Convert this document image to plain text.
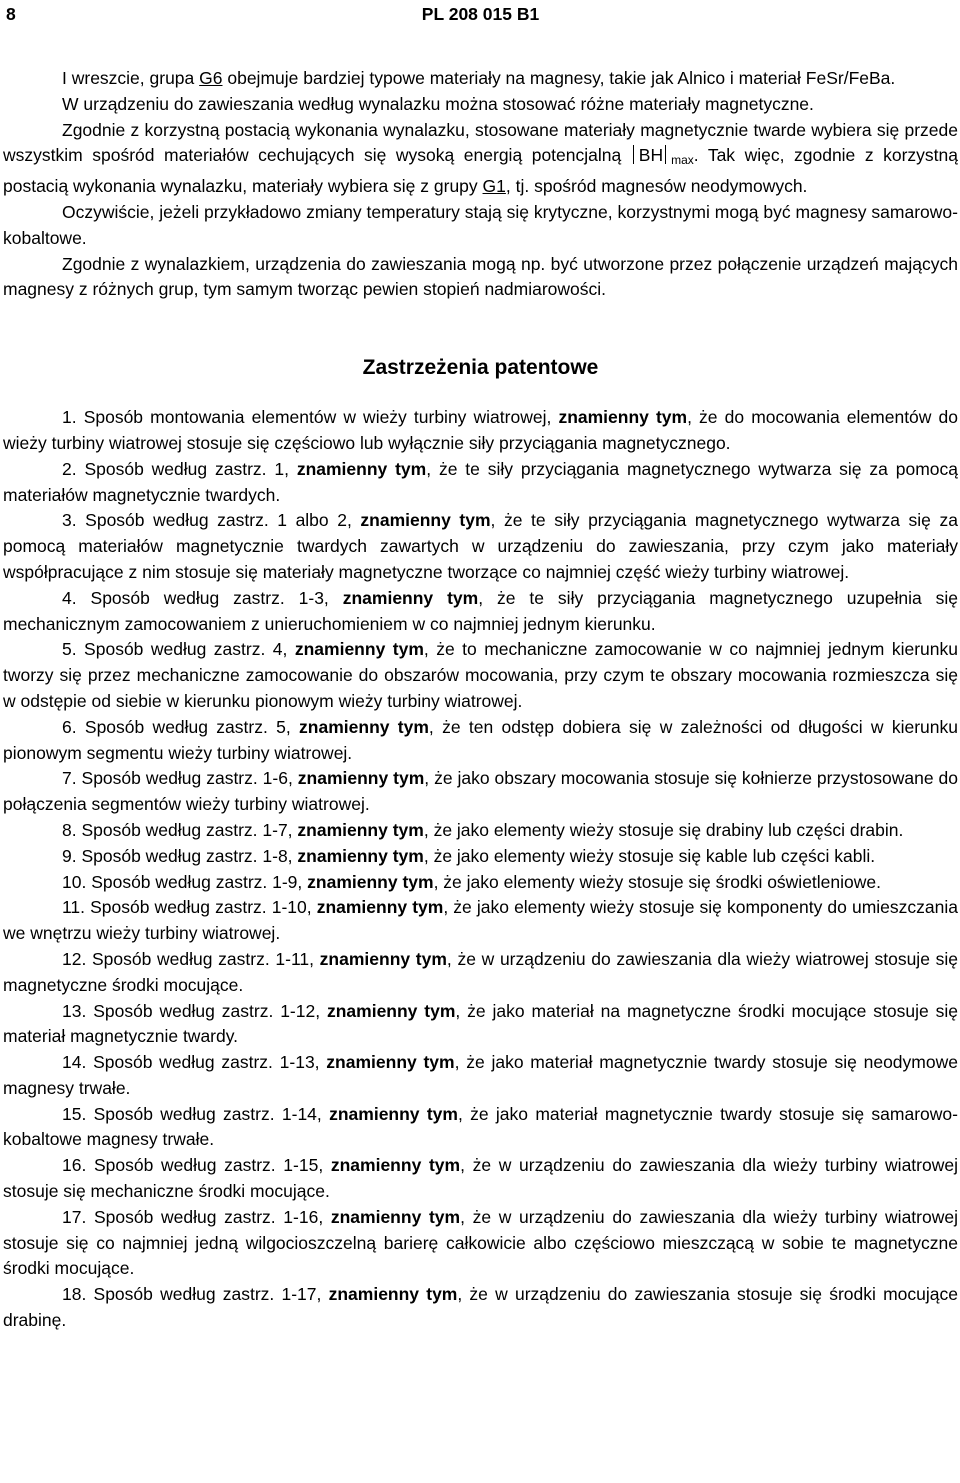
8	PL 208 015 B1

I wreszcie, grupa G6 obejmuje bardziej typowe materiały na magnesy, takie jak Alnico i materiał FeSr/FeBa.

W urządzeniu do zawieszania według wynalazku można stosować różne materiały magnetyczne.

Zgodnie z korzystną postacią wykonania wynalazku, stosowane materiały magnetycznie twarde wybiera się przede wszystkim spośród materiałów cechujących się wysoką energią potencjalną BH $_{max}$. Tak więc, zgodnie z korzystną postacią wykonania wynalazku, materiały wybiera się z grupy G1, tj. spośród magnesów neodymowych.

Oczywiście, jeżeli przykładowo zmiany temperatury stają się krytyczne, korzystnymi mogą być magnesy samarowo-kobaltowe.

Zgodnie z wynalazkiem, urządzenia do zawieszania mogą np. być utworzone przez połączenie urządzeń mających magnesy z różnych grup, tym samym tworząc pewien stopień nadmiarowości.

Zastrzeżenia patentowe

1. Sposób montowania elementów w wieży turbiny wiatrowej, znamienny tym, że do mocowania elementów do wieży turbiny wiatrowej stosuje się częściowo lub wyłącznie siły przyciągania magnetycznego.

2. Sposób według zastrz. 1, znamienny tym, że te siły przyciągania magnetycznego wytwarza się za pomocą materiałów magnetycznie twardych.

3. Sposób według zastrz. 1 albo 2, znamienny tym, że te siły przyciągania magnetycznego wytwarza się za pomocą materiałów magnetycznie twardych zawartych w urządzeniu do zawieszania, przy czym jako materiały współpracujące z nim stosuje się materiały magnetyczne tworzące co najmniej część wieży turbiny wiatrowej.

4. Sposób według zastrz. 1-3, znamienny tym, że te siły przyciągania magnetycznego uzupełnia się mechanicznym zamocowaniem z unieruchomieniem w co najmniej jednym kierunku.

5. Sposób według zastrz. 4, znamienny tym, że to mechaniczne zamocowanie w co najmniej jednym kierunku tworzy się przez mechaniczne zamocowanie do obszarów mocowania, przy czym te obszary mocowania rozmieszcza się w odstępie od siebie w kierunku pionowym wieży turbiny wiatrowej.

6. Sposób według zastrz. 5, znamienny tym, że ten odstęp dobiera się w zależności od długości w kierunku pionowym segmentu wieży turbiny wiatrowej.

7. Sposób według zastrz. 1-6, znamienny tym, że jako obszary mocowania stosuje się kołnierze przystosowane do połączenia segmentów wieży turbiny wiatrowej.

8. Sposób według zastrz. 1-7, znamienny tym, że jako elementy wieży stosuje się drabiny lub części drabin.

9. Sposób według zastrz. 1-8, znamienny tym, że jako elementy wieży stosuje się kable lub części kabli.

10. Sposób według zastrz. 1-9, znamienny tym, że jako elementy wieży stosuje się środki oświetleniowe.

11. Sposób według zastrz. 1-10, znamienny tym, że jako elementy wieży stosuje się komponenty do umieszczania we wnętrzu wieży turbiny wiatrowej.

12. Sposób według zastrz. 1-11, znamienny tym, że w urządzeniu do zawieszania dla wieży wiatrowej stosuje się magnetyczne środki mocujące.

13. Sposób według zastrz. 1-12, znamienny tym, że jako materiał na magnetyczne środki mocujące stosuje się materiał magnetycznie twardy.

14. Sposób według zastrz. 1-13, znamienny tym, że jako materiał magnetycznie twardy stosuje się neodymowe magnesy trwałe.

15. Sposób według zastrz. 1-14, znamienny tym, że jako materiał magnetycznie twardy stosuje się samarowo-kobaltowe magnesy trwałe.

16. Sposób według zastrz. 1-15, znamienny tym, że w urządzeniu do zawieszania dla wieży turbiny wiatrowej stosuje się mechaniczne środki mocujące.

17. Sposób według zastrz. 1-16, znamienny tym, że w urządzeniu do zawieszania dla wieży turbiny wiatrowej stosuje się co najmniej jedną wilgocioszczelną barierę całkowicie albo częściowo mieszczącą w sobie te magnetyczne środki mocujące.

18. Sposób według zastrz. 1-17, znamienny tym, że w urządzeniu do zawieszania stosuje się środki mocujące drabinę.
